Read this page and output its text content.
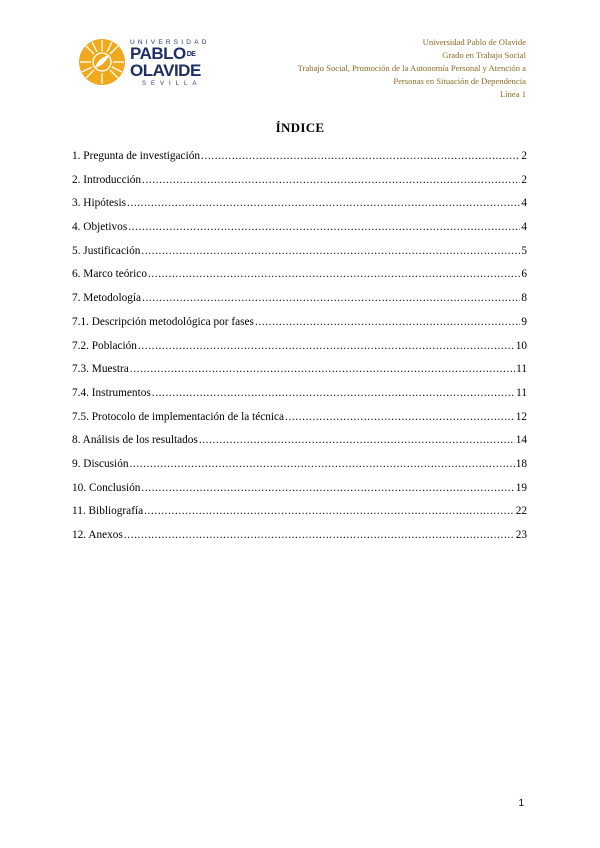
UNIVERSIDAD
PABLODE
OLAVIDE
SEVILLA
Universidad Pablo de Olavide
Grado en Trabajo Social
Trabajo Social, Promoción de la Autonomía Personal y Atención a
Personas en Situación de Dependencia
Línea 1
ÍNDICE
1. Pregunta de investigación .....	2
2. Introducción .....	2
3. Hipótesis .....	4
4. Objetivos .....	4
5. Justificación .....	5
6. Marco teórico .....	6
7. Metodología .....	8
7.1. Descripción metodológica por fases .....	9
7.2. Población .....	10
7.3. Muestra .....	11
7.4. Instrumentos .....	11
7.5. Protocolo de implementación de la técnica .....	12
8. Análisis de los resultados .....	14
9. Discusión .....	18
10. Conclusión .....	19
11. Bibliografía .....	22
12. Anexos .....	23
1
